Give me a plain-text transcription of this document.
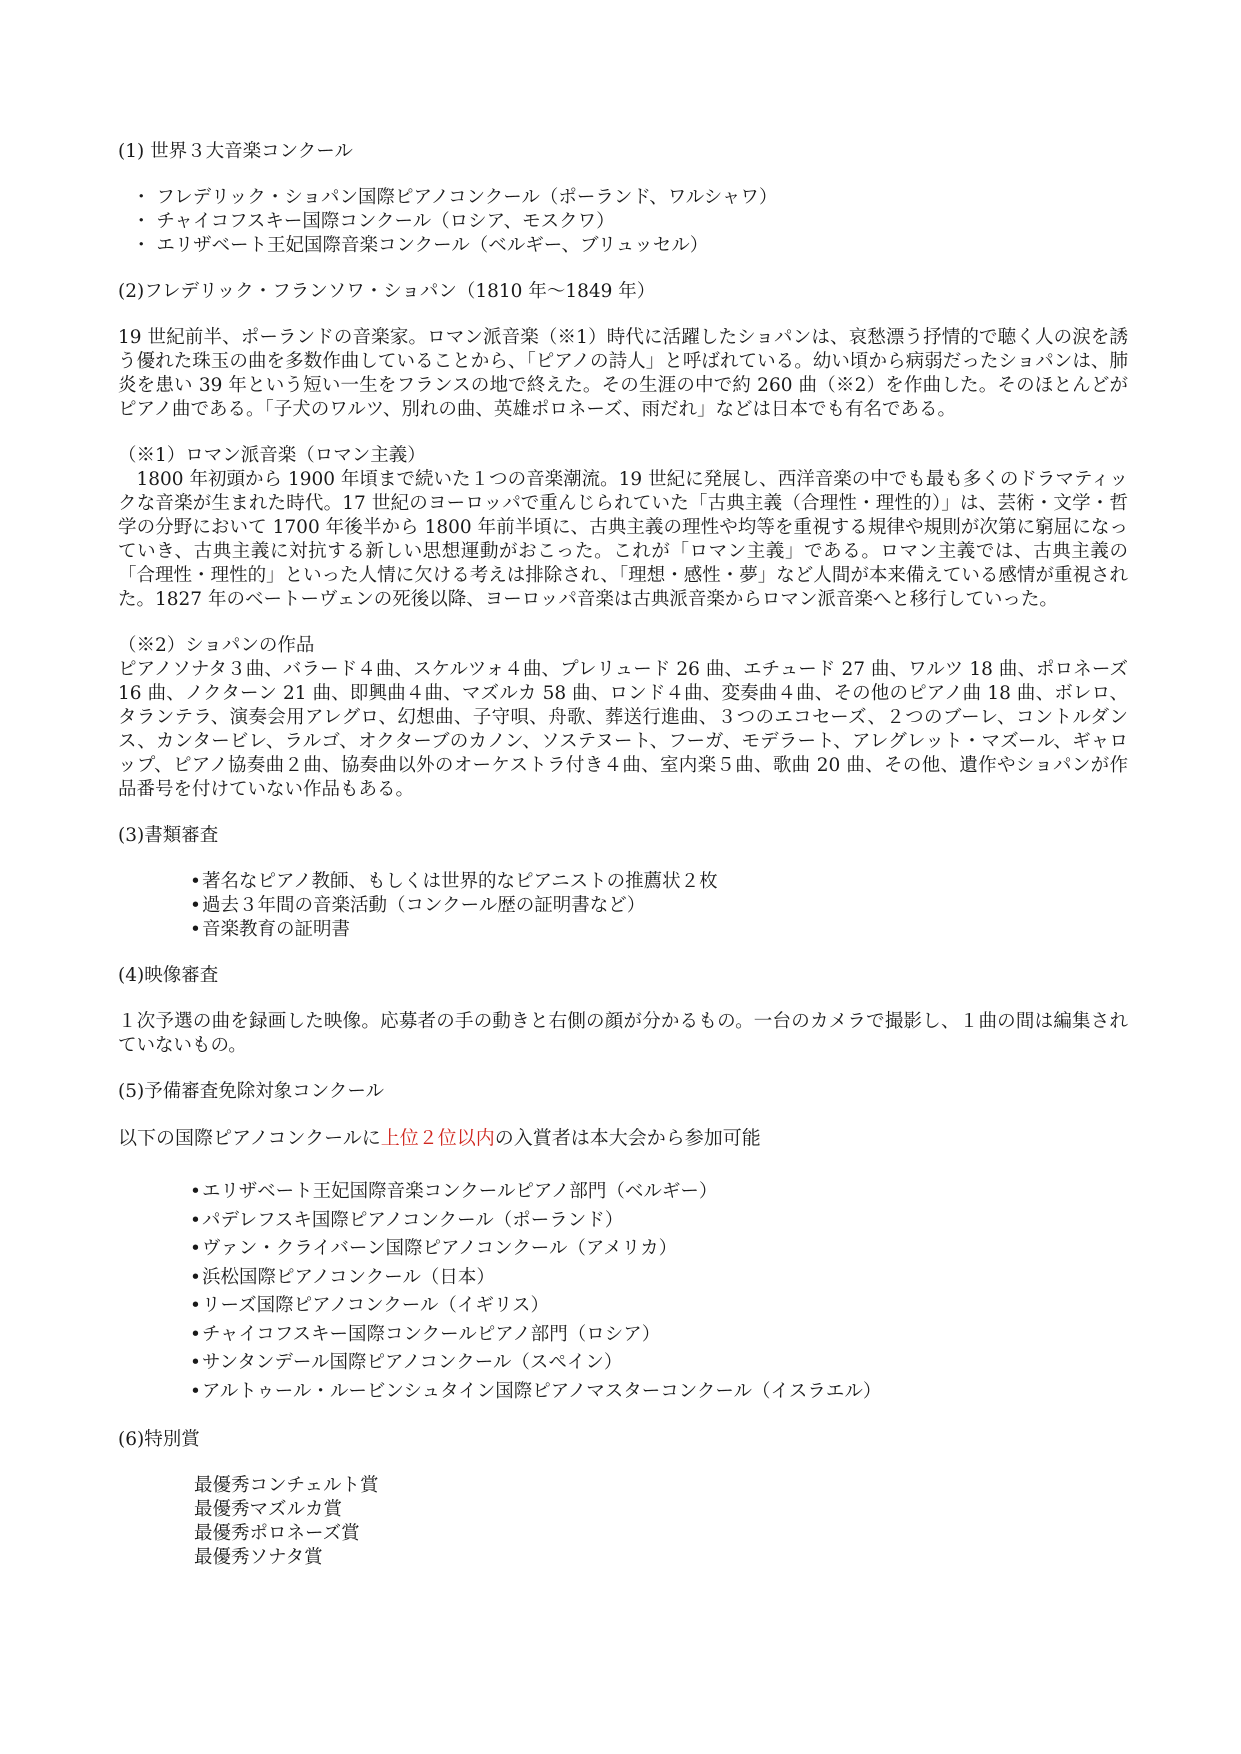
(1) 世界３大音楽コンクール

・ フレデリック・ショパン国際ピアノコンクール（ポーランド、ワルシャワ）
・ チャイコフスキー国際コンクール（ロシア、モスクワ）
・ エリザベート王妃国際音楽コンクール（ベルギー、ブリュッセル）

(2)フレデリック・フランソワ・ショパン（1810 年〜1849 年）

19 世紀前半、ポーランドの音楽家。ロマン派音楽（※1）時代に活躍したショパンは、哀愁漂う抒情的で聴く人の涙を誘う優れた珠玉の曲を多数作曲していることから、「ピアノの詩人」と呼ばれている。幼い頃から病弱だったショパンは、肺炎を患い 39 年という短い一生をフランスの地で終えた。その生涯の中で約 260 曲（※2）を作曲した。そのほとんどがピアノ曲である。「子犬のワルツ、別れの曲、英雄ポロネーズ、雨だれ」などは日本でも有名である。

（※1）ロマン派音楽（ロマン主義）

1800 年初頭から 1900 年頃まで続いた１つの音楽潮流。19 世紀に発展し、西洋音楽の中でも最も多くのドラマティックな音楽が生まれた時代。17 世紀のヨーロッパで重んじられていた「古典主義（合理性・理性的）」は、芸術・文学・哲学の分野において 1700 年後半から 1800 年前半頃に、古典主義の理性や均等を重視する規律や規則が次第に窮屈になっていき、古典主義に対抗する新しい思想運動がおこった。これが「ロマン主義」である。ロマン主義では、古典主義の「合理性・理性的」といった人情に欠ける考えは排除され、「理想・感性・夢」など人間が本来備えている感情が重視された。1827 年のベートーヴェンの死後以降、ヨーロッパ音楽は古典派音楽からロマン派音楽へと移行していった。

（※2）ショパンの作品

ピアノソナタ３曲、バラード４曲、スケルツォ４曲、プレリュード 26 曲、エチュード 27 曲、ワルツ 18 曲、ポロネーズ 16 曲、ノクターン 21 曲、即興曲４曲、マズルカ 58 曲、ロンド４曲、変奏曲４曲、その他のピアノ曲 18 曲、ボレロ、タランテラ、演奏会用アレグロ、幻想曲、子守唄、舟歌、葬送行進曲、３つのエコセーズ、２つのブーレ、コントルダンス、カンタービレ、ラルゴ、オクターブのカノン、ソステヌート、フーガ、モデラート、アレグレット・マズール、ギャロップ、ピアノ協奏曲２曲、協奏曲以外のオーケストラ付き４曲、室内楽５曲、歌曲 20 曲、その他、遺作やショパンが作品番号を付けていない作品もある。

(3)書類審査

• 著名なピアノ教師、もしくは世界的なピアニストの推薦状２枚
• 過去３年間の音楽活動（コンクール歴の証明書など）
• 音楽教育の証明書

(4)映像審査

１次予選の曲を録画した映像。応募者の手の動きと右側の顔が分かるもの。一台のカメラで撮影し、１曲の間は編集されていないもの。

(5)予備審査免除対象コンクール

以下の国際ピアノコンクールに上位２位以内の入賞者は本大会から参加可能

• エリザベート王妃国際音楽コンクールピアノ部門（ベルギー）
• パデレフスキ国際ピアノコンクール（ポーランド）
• ヴァン・クライバーン国際ピアノコンクール（アメリカ）
• 浜松国際ピアノコンクール（日本）
• リーズ国際ピアノコンクール（イギリス）
• チャイコフスキー国際コンクールピアノ部門（ロシア）
• サンタンデール国際ピアノコンクール（スペイン）
• アルトゥール・ルービンシュタイン国際ピアノマスターコンクール（イスラエル）

(6)特別賞

最優秀コンチェルト賞
最優秀マズルカ賞
最優秀ポロネーズ賞
最優秀ソナタ賞
